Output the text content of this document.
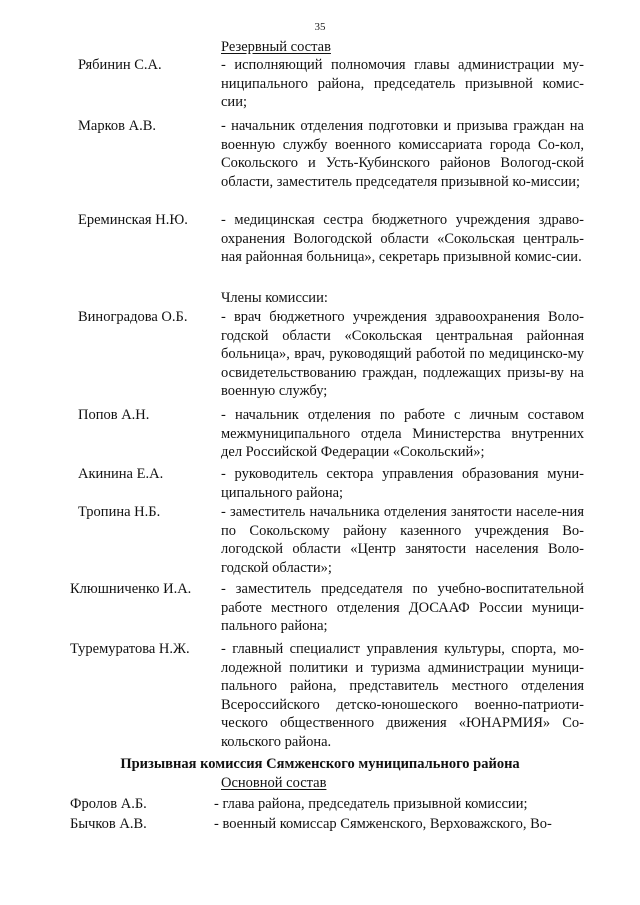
35
Резервный состав
Рябинин С.А.	- исполняющий полномочия главы администрации му-ниципального района, председатель призывной комис-сии;
Марков А.В.	- начальник отделения подготовки и призыва граждан на военную службу военного комиссариата города Со-кол, Сокольского и Усть-Кубинского районов Вологод-ской области, заместитель председателя призывной ко-миссии;
Ереминская Н.Ю. - медицинская сестра бюджетного учреждения здраво-охранения Вологодской области «Сокольская централь-ная районная больница», секретарь призывной комис-сии.
Члены комиссии:
Виноградова О.Б. - врач бюджетного учреждения здравоохранения Воло-годской области «Сокольская центральная районная больница», врач, руководящий работой по медицинско-му освидетельствованию граждан, подлежащих призы-ву на военную службу;
Попов А.Н.	- начальник отделения по работе с личным составом межмуниципального отдела Министерства внутренних дел Российской Федерации «Сокольский»;
Акинина Е.А.	- руководитель сектора управления образования муни-ципального района;
Тропина Н.Б.	- заместитель начальника отделения занятости населе-ния по Сокольскому району казенного учреждения Во-логодской области «Центр занятости населения Воло-годской области»;
Клюшниченко И.А. - заместитель председателя по учебно-воспитательной работе местного отделения ДОСААФ России муници-пального района;
Туремуратова Н.Ж. - главный специалист управления культуры, спорта, мо-лодежной политики и туризма администрации муници-пального района, представитель местного отделения Всероссийского детско-юношеского военно-патриоти-ческого общественного движения «ЮНАРМИЯ» Со-кольского района.
Призывная комиссия Сямженского муниципального района
Основной состав
Фролов А.Б.	- глава района, председатель призывной комиссии;
Бычков А.В.	- военный комиссар Сямженского, Верховажского, Во-
